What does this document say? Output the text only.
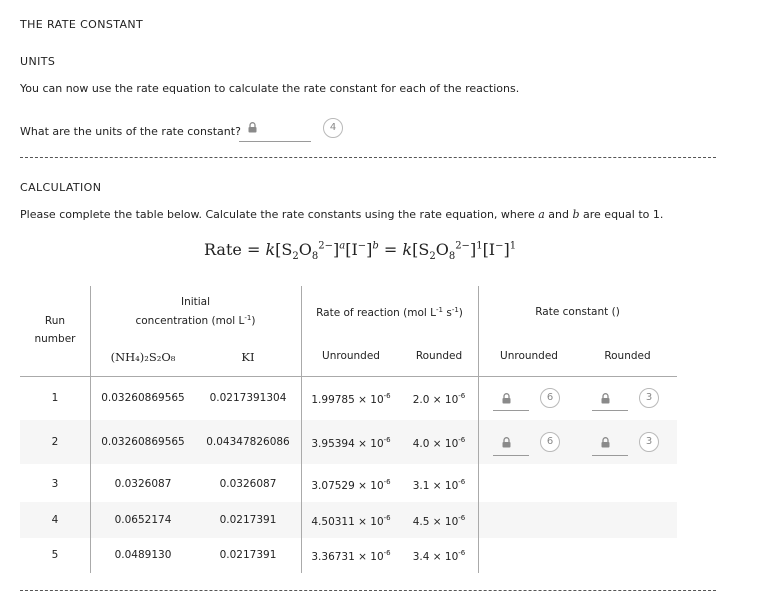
THE RATE CONSTANT
UNITS
You can now use the rate equation to calculate the rate constant for each of the reactions.
What are the units of the rate constant?	4
CALCULATION
Please complete the table below. Calculate the rate constants using the rate equation, where a and b are equal to 1.
Rate = $k[S_2O_8^{2-}]^a[I^-]^b = k[S_2O_8^{2-}]^1[I^-]^1$
Run
number
Initial
concentration (mol $L^{-1}$)
(NH₄)₂S₂O₈	KI
Rate of reaction (mol $L^{-1}$ $s^{-1}$)
Unrounded	Rounded
Rate constant ()
Unrounded	Rounded
1	0.03260869565	0.0217391304	$1.99785 \times 10^{-6}$	$2.0 \times 10^{-6}$	6	3
2	0.03260869565	0.04347826086	$3.95394 \times 10^{-6}$	$4.0 \times 10^{-6}$	6	3
3	0.0326087	0.0326087	$3.07529 \times 10^{-6}$	$3.1 \times 10^{-6}$
4	0.0652174	0.0217391	$4.50311 \times 10^{-6}$	$4.5 \times 10^{-6}$
5	0.0489130	0.0217391	$3.36731 \times 10^{-6}$	$3.4 \times 10^{-6}$
